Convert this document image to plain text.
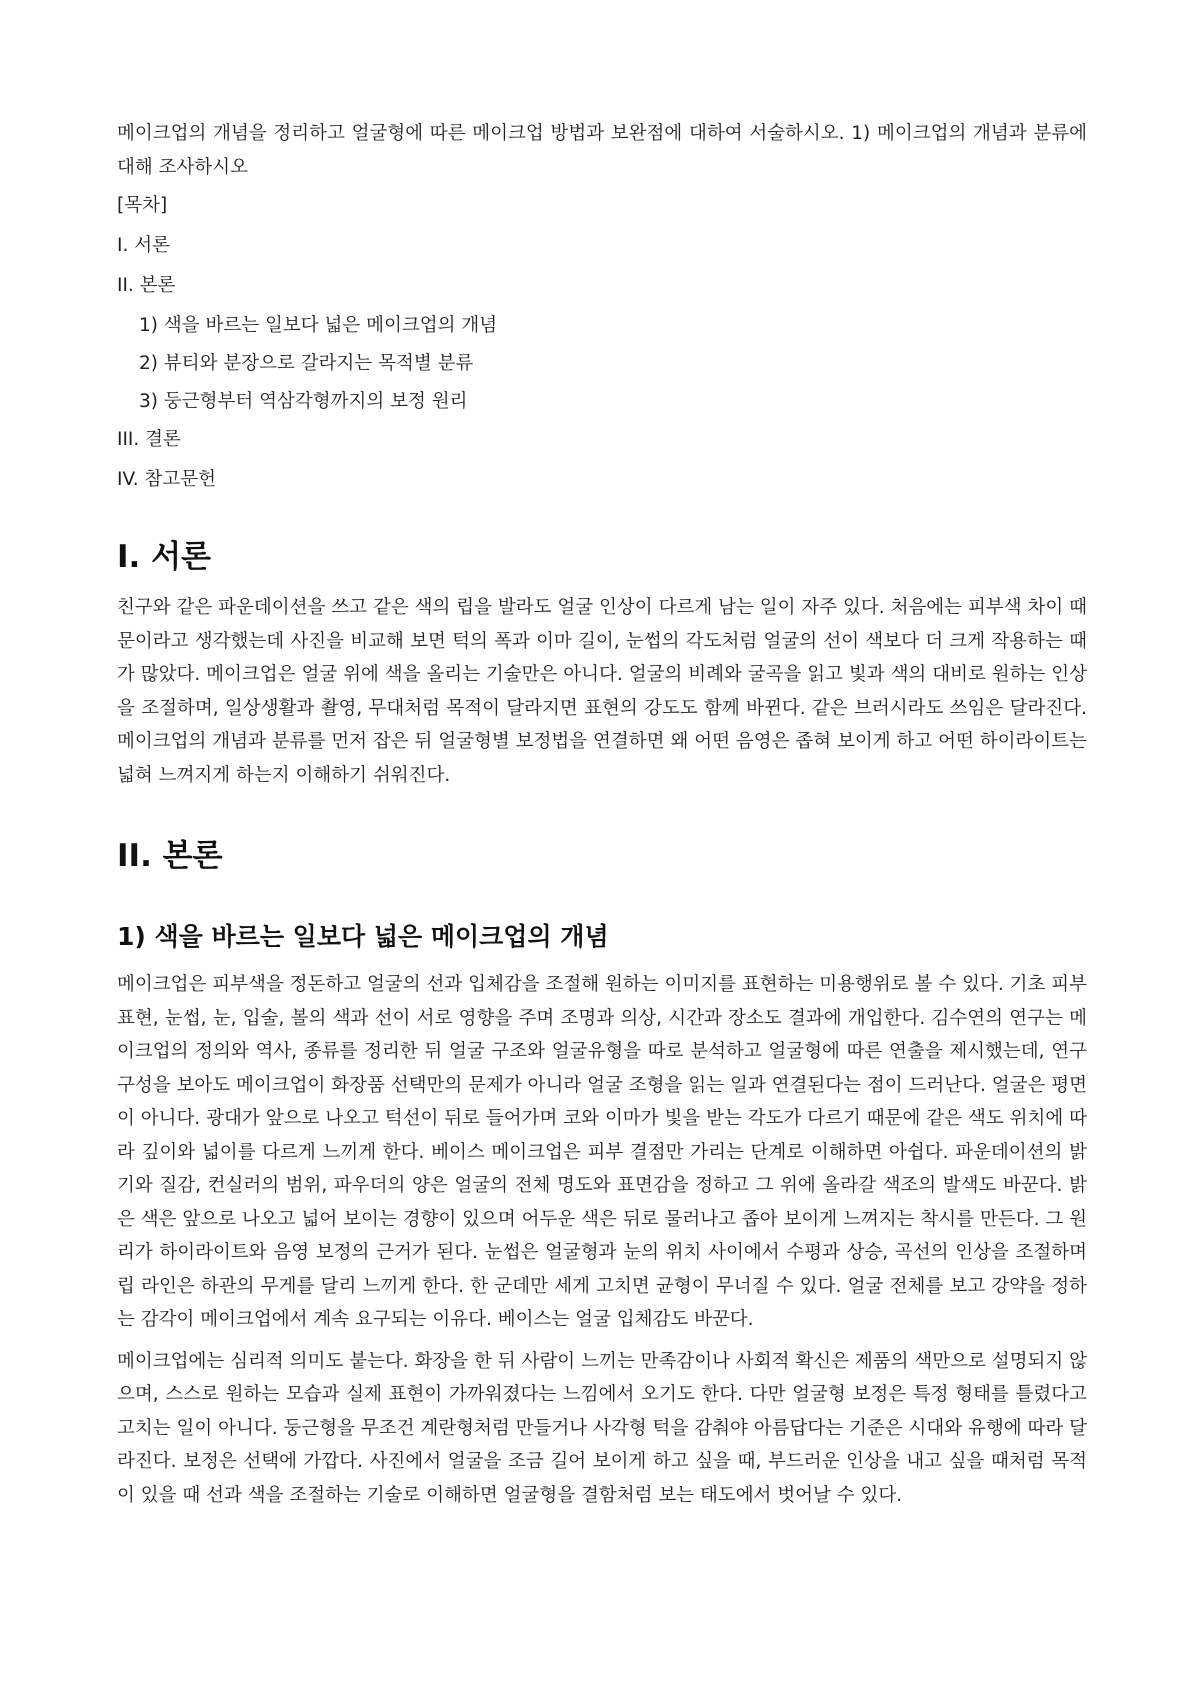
메이크업의 개념을 정리하고 얼굴형에 따른 메이크업 방법과 보완점에 대하여 서술하시오. 1) 메이크업의 개념과 분류에 대해 조사하시오

[목차]

I. 서론

II. 본론

1) 색을 바르는 일보다 넓은 메이크업의 개념

2) 뷰티와 분장으로 갈라지는 목적별 분류

3) 둥근형부터 역삼각형까지의 보정 원리

III. 결론

IV. 참고문헌

I. 서론

친구와 같은 파운데이션을 쓰고 같은 색의 립을 발라도 얼굴 인상이 다르게 남는 일이 자주 있다. 처음에는 피부색 차이 때문이라고 생각했는데 사진을 비교해 보면 턱의 폭과 이마 길이, 눈썹의 각도처럼 얼굴의 선이 색보다 더 크게 작용하는 때가 많았다. 메이크업은 얼굴 위에 색을 올리는 기술만은 아니다. 얼굴의 비례와 굴곡을 읽고 빛과 색의 대비로 원하는 인상을 조절하며, 일상생활과 촬영, 무대처럼 목적이 달라지면 표현의 강도도 함께 바뀐다. 같은 브러시라도 쓰임은 달라진다. 메이크업의 개념과 분류를 먼저 잡은 뒤 얼굴형별 보정법을 연결하면 왜 어떤 음영은 좁혀 보이게 하고 어떤 하이라이트는 넓혀 느껴지게 하는지 이해하기 쉬워진다.

II. 본론
1) 색을 바르는 일보다 넓은 메이크업의 개념

메이크업은 피부색을 정돈하고 얼굴의 선과 입체감을 조절해 원하는 이미지를 표현하는 미용행위로 볼 수 있다. 기초 피부 표현, 눈썹, 눈, 입술, 볼의 색과 선이 서로 영향을 주며 조명과 의상, 시간과 장소도 결과에 개입한다. 김수연의 연구는 메이크업의 정의와 역사, 종류를 정리한 뒤 얼굴 구조와 얼굴유형을 따로 분석하고 얼굴형에 따른 연출을 제시했는데, 연구 구성을 보아도 메이크업이 화장품 선택만의 문제가 아니라 얼굴 조형을 읽는 일과 연결된다는 점이 드러난다. 얼굴은 평면이 아니다. 광대가 앞으로 나오고 턱선이 뒤로 들어가며 코와 이마가 빛을 받는 각도가 다르기 때문에 같은 색도 위치에 따라 깊이와 넓이를 다르게 느끼게 한다. 베이스 메이크업은 피부 결점만 가리는 단계로 이해하면 아쉽다. 파운데이션의 밝기와 질감, 컨실러의 범위, 파우더의 양은 얼굴의 전체 명도와 표면감을 정하고 그 위에 올라갈 색조의 발색도 바꾼다. 밝은 색은 앞으로 나오고 넓어 보이는 경향이 있으며 어두운 색은 뒤로 물러나고 좁아 보이게 느껴지는 착시를 만든다. 그 원리가 하이라이트와 음영 보정의 근거가 된다. 눈썹은 얼굴형과 눈의 위치 사이에서 수평과 상승, 곡선의 인상을 조절하며 립 라인은 하관의 무게를 달리 느끼게 한다. 한 군데만 세게 고치면 균형이 무너질 수 있다. 얼굴 전체를 보고 강약을 정하는 감각이 메이크업에서 계속 요구되는 이유다. 베이스는 얼굴 입체감도 바꾼다.

메이크업에는 심리적 의미도 붙는다. 화장을 한 뒤 사람이 느끼는 만족감이나 사회적 확신은 제품의 색만으로 설명되지 않으며, 스스로 원하는 모습과 실제 표현이 가까워졌다는 느낌에서 오기도 한다. 다만 얼굴형 보정은 특정 형태를 틀렸다고 고치는 일이 아니다. 둥근형을 무조건 계란형처럼 만들거나 사각형 턱을 감춰야 아름답다는 기준은 시대와 유행에 따라 달라진다. 보정은 선택에 가깝다. 사진에서 얼굴을 조금 길어 보이게 하고 싶을 때, 부드러운 인상을 내고 싶을 때처럼 목적이 있을 때 선과 색을 조절하는 기술로 이해하면 얼굴형을 결함처럼 보는 태도에서 벗어날 수 있다.
